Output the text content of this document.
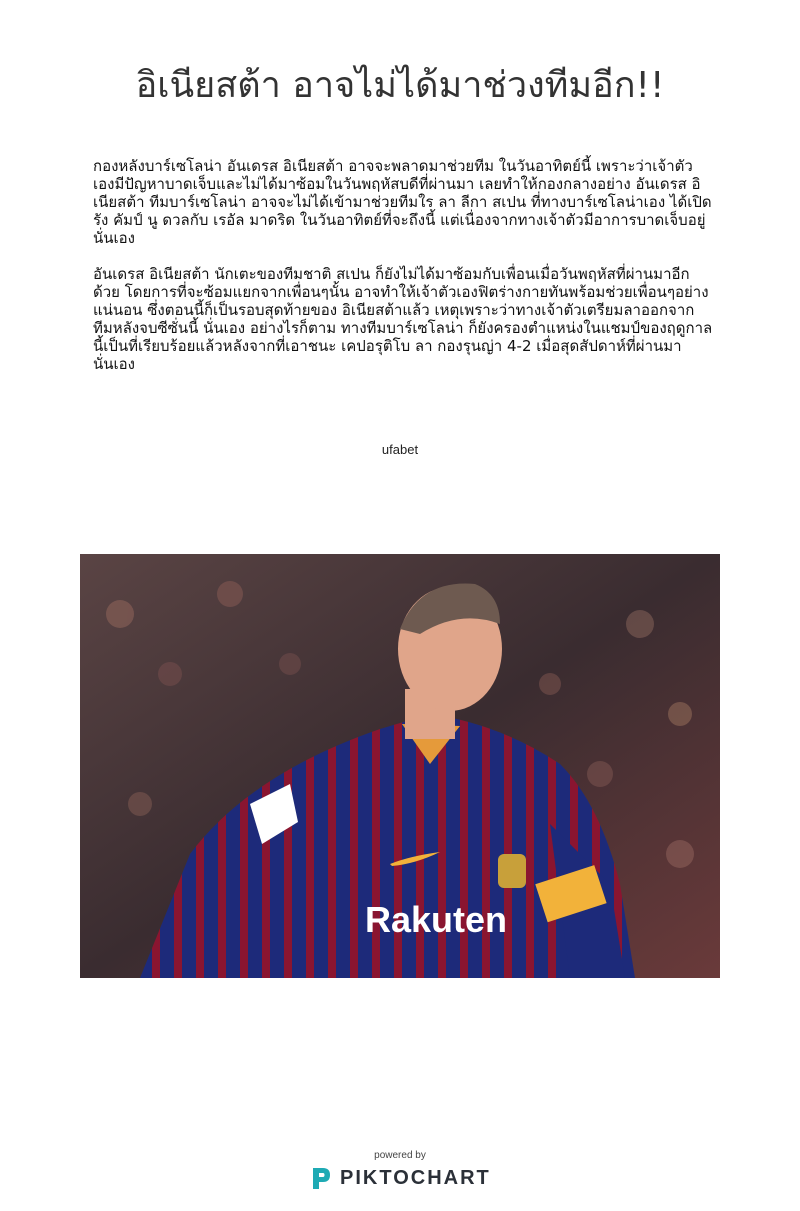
อิเนียสต้า อาจไม่ได้มาช่วงทีมอีก!!
กองหลังบาร์เซโลน่า อันเดรส อิเนียสต้า อาจจะพลาดมาช่วยทีม ในวันอาทิตย์นี้ เพราะว่าเจ้าตัวเองมีปัญหาบาดเจ็บและไม่ได้มาซ้อมในวันพฤหัสบดีที่ผ่านมา เลยทำให้กองกลางอย่าง อันเดรส อิเนียสต้า ทีมบาร์เซโลน่า อาจจะไม่ได้เข้ามาช่วยทีมใร ลา ลีกา สเปน ที่ทางบาร์เซโลน่าเอง ได้เปิดรัง คัมป์ นู ดวลกับ เรอัล มาดริด ในวันอาทิตย์ที่จะถึงนี้ แต่เนื่องจากทางเจ้าตัวมีอาการบาดเจ็บอยู่นั่นเอง
อันเดรส อิเนียสต้า นักเตะของทีมชาติ สเปน ก็ยังไม่ได้มาซ้อมกับเพื่อนเมื่อวันพฤหัสที่ผ่านมาอีกด้วย โดยการที่จะซ้อมแยกจากเพื่อนๆนั้น อาจทำให้เจ้าตัวเองฟิตร่างกายทันพร้อมช่วยเพื่อนๆอย่างแน่นอน ซึ่งตอนนี้ก็เป็นรอบสุดท้ายของ อิเนียสต้าแล้ว เหตุเพราะว่าทางเจ้าตัวเตรียมลาออกจากทีมหลังจบซีซั่นนี้ นั่นเอง อย่างไรก็ตาม ทางทีมบาร์เซโลน่า ก็ยังครองตำแหน่งในแชมป์ของฤดูกาลนี้เป็นที่เรียบร้อยแล้วหลังจากที่เอาชนะ เคปอรุติโบ ลา กองรุนญ่า 4-2 เมื่อสุดสัปดาห์ที่ผ่านมานั่นเอง
ufabet
Rakuten
powered by
PIKTOCHART
